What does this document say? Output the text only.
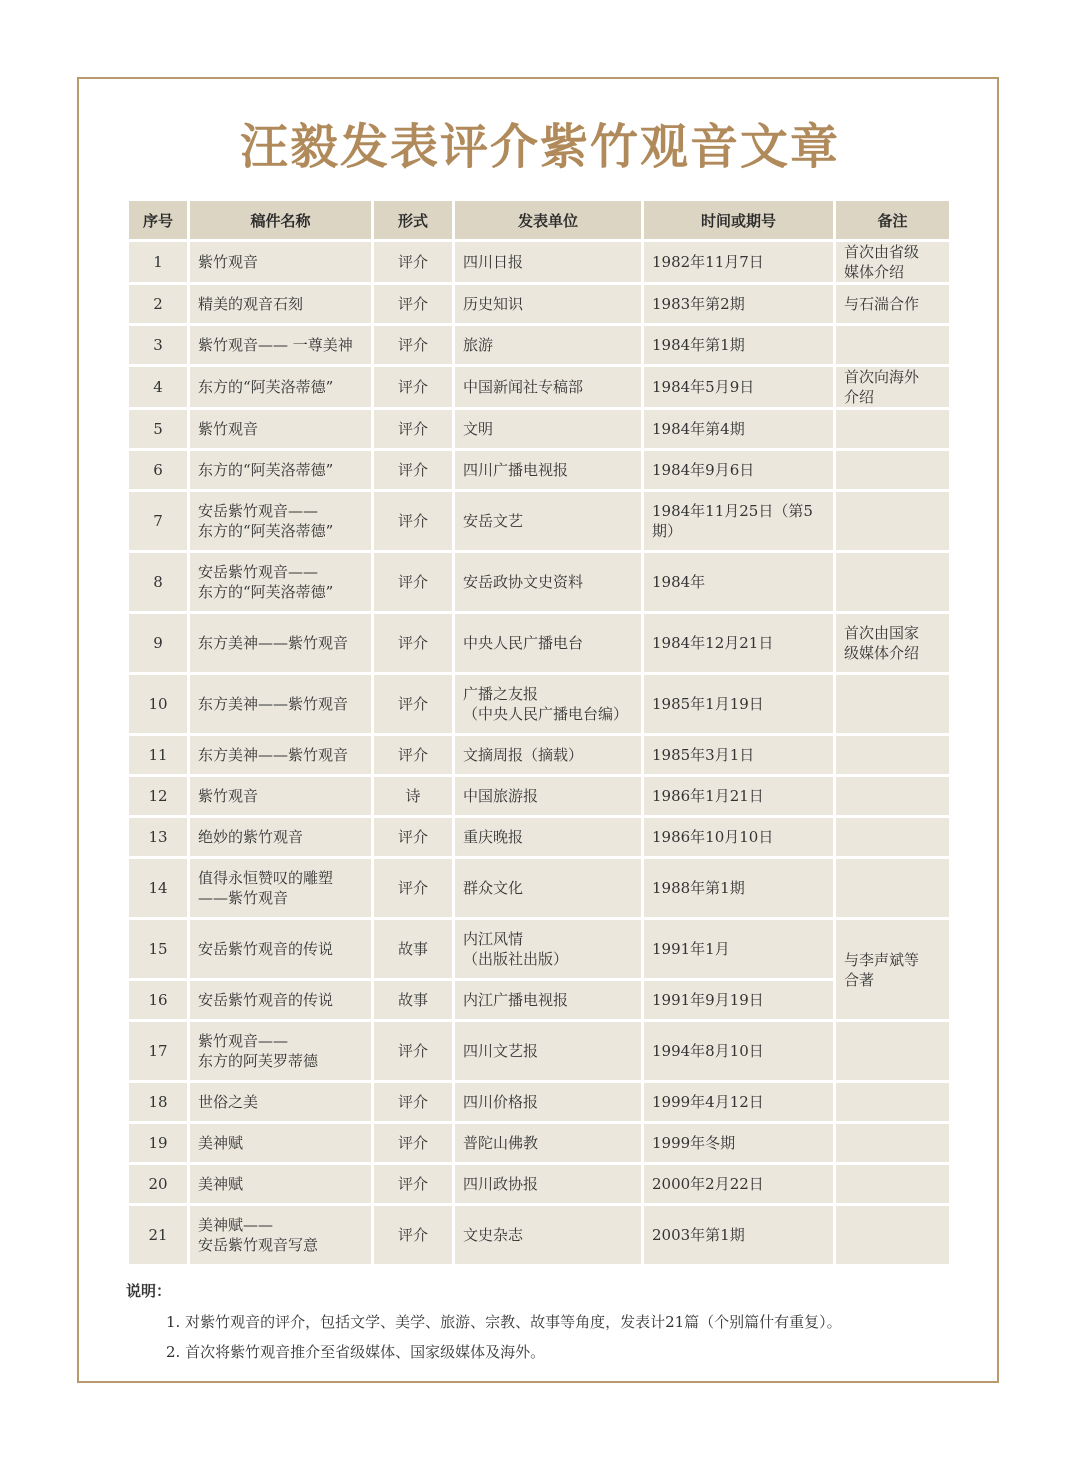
汪毅发表评介紫竹观音文章
序号	稿件名称	形式	发表单位	时间或期号	备注
1	紫竹观音	评介	四川日报	1982年11月7日	首次由省级
媒体介绍
2	精美的观音石刻	评介	历史知识	1983年第2期	与石湍合作
3	紫竹观音—— 一尊美神	评介	旅游	1984年第1期	
4	东方的“阿芙洛蒂德”	评介	中国新闻社专稿部	1984年5月9日	首次向海外
介绍
5	紫竹观音	评介	文明	1984年第4期	
6	东方的“阿芙洛蒂德”	评介	四川广播电视报	1984年9月6日	
7	安岳紫竹观音——
东方的“阿芙洛蒂德”	评介	安岳文艺	1984年11月25日（第5期）	
8	安岳紫竹观音——
东方的“阿芙洛蒂德”	评介	安岳政协文史资料	1984年	
9	东方美神——紫竹观音	评介	中央人民广播电台	1984年12月21日	首次由国家
级媒体介绍
10	东方美神——紫竹观音	评介	广播之友报
（中央人民广播电台编）	1985年1月19日	
11	东方美神——紫竹观音	评介	文摘周报（摘载）	1985年3月1日	
12	紫竹观音	诗	中国旅游报	1986年1月21日	
13	绝妙的紫竹观音	评介	重庆晚报	1986年10月10日	
14	值得永恒赞叹的雕塑
——紫竹观音	评介	群众文化	1988年第1期	
15	安岳紫竹观音的传说	故事	内江风情
（出版社出版）	1991年1月	与李声斌等
合著
16	安岳紫竹观音的传说	故事	内江广播电视报	1991年9月19日	
17	紫竹观音——
东方的阿芙罗蒂德	评介	四川文艺报	1994年8月10日	
18	世俗之美	评介	四川价格报	1999年4月12日	
19	美神赋	评介	普陀山佛教	1999年冬期	
20	美神赋	评介	四川政协报	2000年2月22日	
21	美神赋——
安岳紫竹观音写意	评介	文史杂志	2003年第1期	
说明：
1. 对紫竹观音的评介，包括文学、美学、旅游、宗教、故事等角度，发表计21篇（个别篇什有重复）。
2. 首次将紫竹观音推介至省级媒体、国家级媒体及海外。
